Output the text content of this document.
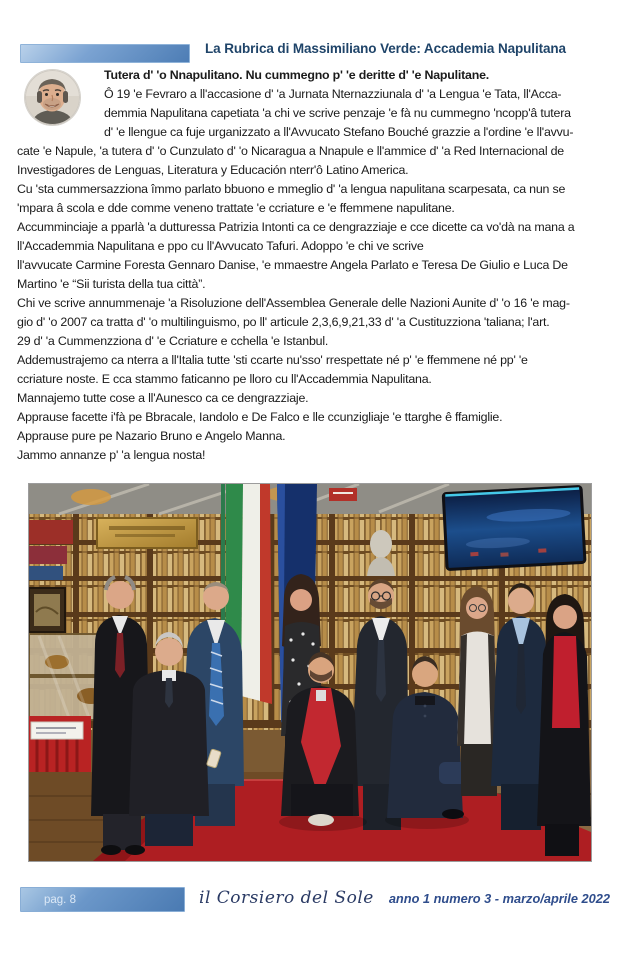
La Rubrica di Massimiliano Verde: Accademia Napulitana
Tutera d' 'o Nnapulitano. Nu cummegno p' 'e deritte d' 'e Napulitane.
Ô 19 'e Fevraro a ll'accasione d' 'a Jurnata Nternazziunala d' 'a Lengua 'e Tata, ll'Acca-
demmia Napulitana capetiata 'a chi ve scrive penzaje 'e fà nu cummegno 'ncopp'â tutera
d' 'e llengue ca fuje urganizzato a ll'Avvucato Stefano Bouché grazzie a l'ordine 'e ll'avvu-
cate 'e Napule, 'a tutera d' 'o Cunzulato d' 'o Nicaragua a Nnapule e ll'ammice d' 'a Red Internacional de
Investigadores de Lenguas, Literatura y Educación nterr'ô Latino America.
Cu 'sta cummersazziona îmmo parlato bbuono e mmeglio d' 'a lengua napulitana scarpesata, ca nun se
'mpara â scola e dde comme veneno trattate 'e ccriature e 'e ffemmene napulitane.
Accumminciaje a pparlà 'a dutturessa Patrizia Intonti ca ce dengrazziaje e cce dicette ca vo'dà na mana a
ll'Accademmia Napulitana e ppo cu ll'Avvucato Tafuri. Adoppo 'e chi ve scrive
ll'avvucate Carmine Foresta Gennaro Danise, 'e mmaestre Angela Parlato e Teresa De Giulio e Luca De
Martino 'e “Sii turista della tua città”.
Chi ve scrive annummenaje 'a Risoluzione dell'Assemblea Generale delle Nazioni Aunite d' 'o 16 'e mag-
gio d' 'o 2007 ca tratta d' 'o multilinguismo, po ll' articule 2,3,6,9,21,33 d' 'a Custituzziona 'taliana; l'art.
29 d' 'a Cummenzziona d' 'e Ccriature e cchella 'e Istanbul.
Addemustrajemo ca nterra a ll'Italia tutte 'sti ccarte nu'sso' rrespettate né p' 'e ffemmene né pp' 'e
ccriature noste. E cca stammo faticanno pe lloro cu ll'Accademmia Napulitana.
Mannajemo tutte cose a ll'Aunesco ca ce dengrazziaje.
Apprause facette i'fà pe Bbracale, Iandolo e De Falco e lle ccunzigliaje 'e ttarghe ê ffamiglie.
Apprause pure pe Nazario Bruno e Angelo Manna.
Jammo annanze p' 'a lengua nosta!
pag. 8	il Corsiero del Sole anno 1 numero 3 - marzo/aprile 2022
